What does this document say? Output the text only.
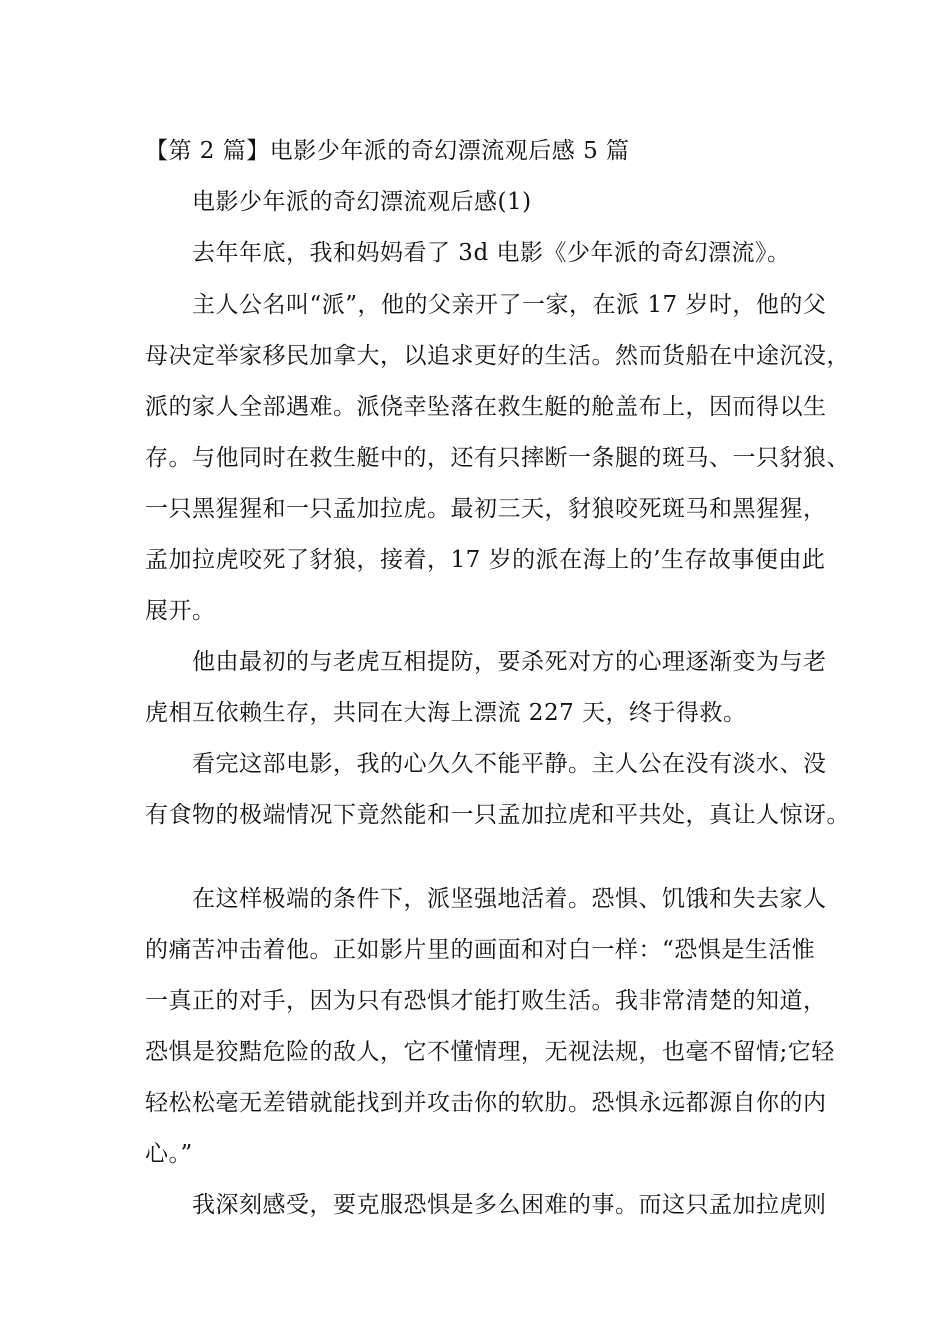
【第 2 篇】电影少年派的奇幻漂流观后感 5 篇
电影少年派的奇幻漂流观后感(1)
去年年底，我和妈妈看了 3d 电影《少年派的奇幻漂流》。
主人公名叫“派”，他的父亲开了一家，在派 17 岁时，他的父
母决定举家移民加拿大，以追求更好的生活。然而货船在中途沉没，
派的家人全部遇难。派侥幸坠落在救生艇的舱盖布上，因而得以生
存。与他同时在救生艇中的，还有只摔断一条腿的斑马、一只豺狼、
一只黑猩猩和一只孟加拉虎。最初三天，豺狼咬死斑马和黑猩猩，
孟加拉虎咬死了豺狼，接着，17 岁的派在海上的’生存故事便由此
展开。
他由最初的与老虎互相提防，要杀死对方的心理逐渐变为与老
虎相互依赖生存，共同在大海上漂流 227 天，终于得救。
看完这部电影，我的心久久不能平静。主人公在没有淡水、没
有食物的极端情况下竟然能和一只孟加拉虎和平共处，真让人惊讶。
在这样极端的条件下，派坚强地活着。恐惧、饥饿和失去家人
的痛苦冲击着他。正如影片里的画面和对白一样：“恐惧是生活惟
一真正的对手，因为只有恐惧才能打败生活。我非常清楚的知道，
恐惧是狡黠危险的敌人，它不懂情理，无视法规，也毫不留情;它轻
轻松松毫无差错就能找到并攻击你的软肋。恐惧永远都源自你的内
心。”
我深刻感受，要克服恐惧是多么困难的事。而这只孟加拉虎则
